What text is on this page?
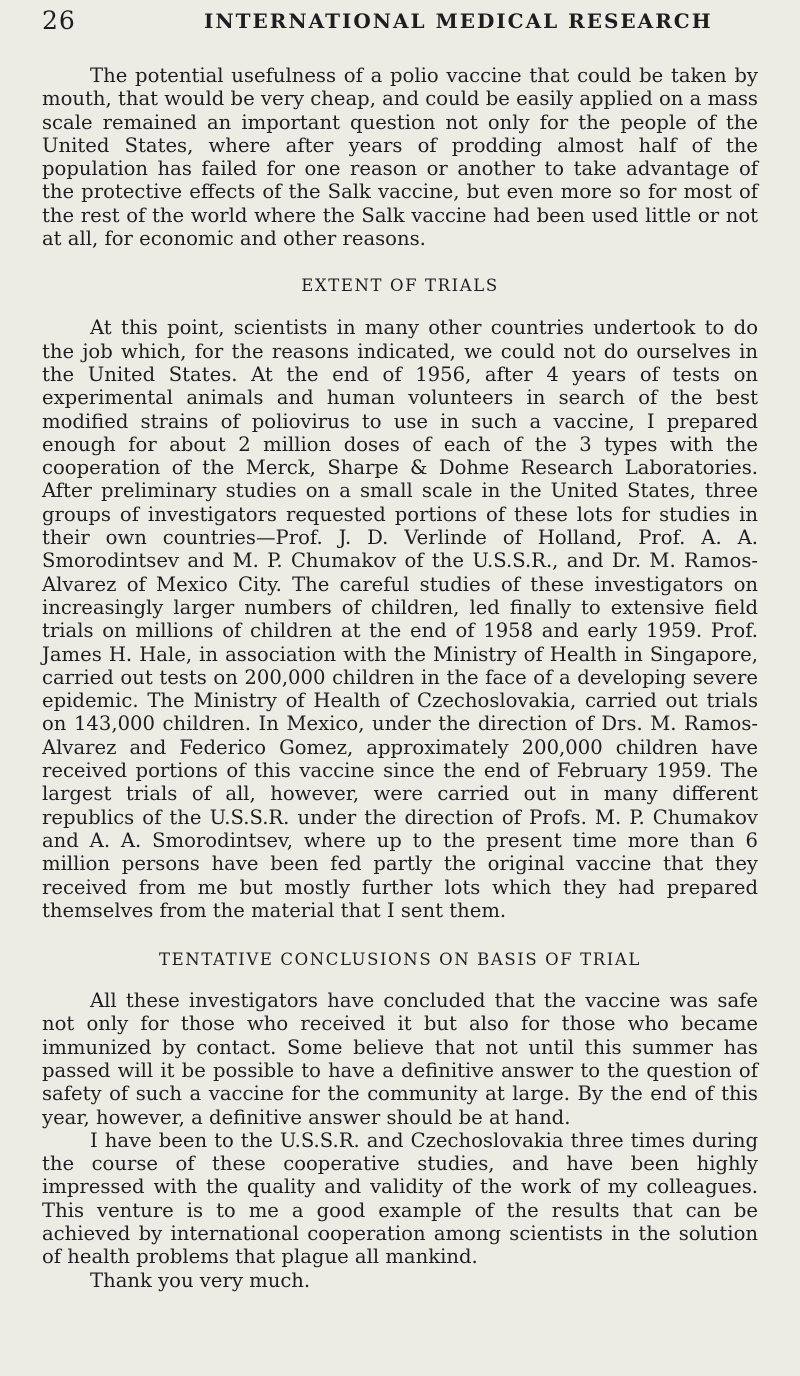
26	INTERNATIONAL MEDICAL RESEARCH

The potential usefulness of a polio vaccine that could be taken by mouth, that would be very cheap, and could be easily applied on a mass scale remained an important question not only for the people of the United States, where after years of prodding almost half of the population has failed for one reason or another to take advantage of the protective effects of the Salk vaccine, but even more so for most of the rest of the world where the Salk vaccine had been used little or not at all, for economic and other reasons.

EXTENT OF TRIALS

At this point, scientists in many other countries undertook to do the job which, for the reasons indicated, we could not do ourselves in the United States. At the end of 1956, after 4 years of tests on experimental animals and human volunteers in search of the best modified strains of poliovirus to use in such a vaccine, I prepared enough for about 2 million doses of each of the 3 types with the cooperation of the Merck, Sharpe & Dohme Research Laboratories. After preliminary studies on a small scale in the United States, three groups of investigators requested portions of these lots for studies in their own countries—Prof. J. D. Verlinde of Holland, Prof. A. A. Smorodintsev and M. P. Chumakov of the U.S.S.R., and Dr. M. Ramos-Alvarez of Mexico City. The careful studies of these investigators on increasingly larger numbers of children, led finally to extensive field trials on millions of children at the end of 1958 and early 1959. Prof. James H. Hale, in association with the Ministry of Health in Singapore, carried out tests on 200,000 children in the face of a developing severe epidemic. The Ministry of Health of Czechoslovakia, carried out trials on 143,000 children. In Mexico, under the direction of Drs. M. Ramos-Alvarez and Federico Gomez, approximately 200,000 children have received portions of this vaccine since the end of February 1959. The largest trials of all, however, were carried out in many different republics of the U.S.S.R. under the direction of Profs. M. P. Chumakov and A. A. Smorodintsev, where up to the present time more than 6 million persons have been fed partly the original vaccine that they received from me but mostly further lots which they had prepared themselves from the material that I sent them.

TENTATIVE CONCLUSIONS ON BASIS OF TRIAL

All these investigators have concluded that the vaccine was safe not only for those who received it but also for those who became immunized by contact. Some believe that not until this summer has passed will it be possible to have a definitive answer to the question of safety of such a vaccine for the community at large. By the end of this year, however, a definitive answer should be at hand.

I have been to the U.S.S.R. and Czechoslovakia three times during the course of these cooperative studies, and have been highly impressed with the quality and validity of the work of my colleagues. This venture is to me a good example of the results that can be achieved by international cooperation among scientists in the solution of health problems that plague all mankind.

Thank you very much.
